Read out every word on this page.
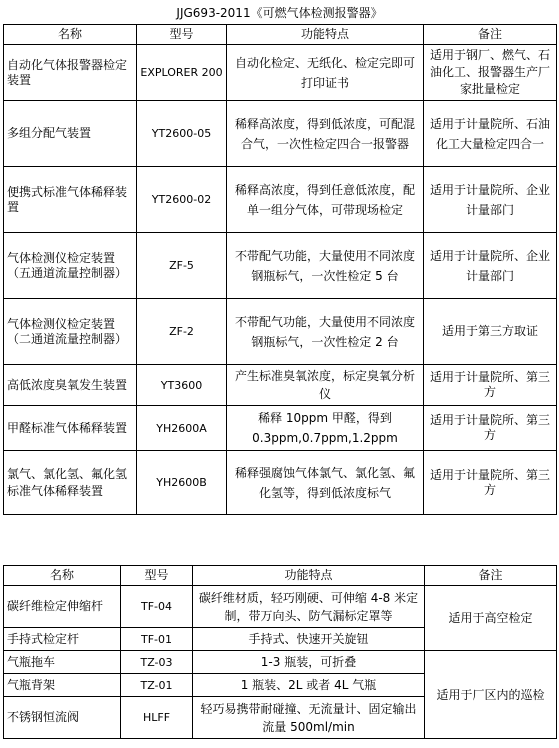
JJG693-2011《可燃气体检测报警器》
名称	型号	功能特点	备注
自动化气体报警器检定装置	EXPLORER 200	自动化检定、无纸化、检定完即可打印证书	适用于钢厂、燃气、石油化工、报警器生产厂家批量检定
多组分配气装置	YT2600-05	稀释高浓度，得到低浓度，可配混合气，一次性检定四合一报警器	适用于计量院所、石油化工大量检定四合一
便携式标准气体稀释装置	YT2600-02	稀释高浓度，得到任意低浓度，配单一组分气体，可带现场检定	适用于计量院所、企业计量部门
气体检测仪检定装置（五通道流量控制器）	ZF-5	不带配气功能，大量使用不同浓度钢瓶标气，一次性检定 5 台	适用于计量院所、企业计量部门
气体检测仪检定装置（二通道流量控制器）	ZF-2	不带配气功能，大量使用不同浓度钢瓶标气，一次性检定 2 台	适用于第三方取证
高低浓度臭氧发生装置	YT3600	产生标准臭氧浓度，标定臭氧分析仪	适用于计量院所、第三方
甲醛标准气体稀释装置	YH2600A	稀释 10ppm 甲醛，得到0.3ppm,0.7ppm,1.2ppm	适用于计量院所、第三方
氯气、氯化氢、氟化氢标准气体稀释装置	YH2600B	稀释强腐蚀气体氯气、氯化氢、氟化氢等，得到低浓度标气	适用于计量院所、第三方
名称	型号	功能特点	备注
碳纤维检定伸缩杆	TF-04	碳纤维材质，轻巧刚硬、可伸缩 4-8 米定制，带万向头、防气漏标定罩等	适用于高空检定
手持式检定杆	TF-01	手持式、快速开关旋钮	
气瓶拖车	TZ-03	1-3 瓶装，可折叠	适用于厂区内的巡检
气瓶背架	TZ-01	1 瓶装、2L 或者 4L 气瓶	
不锈钢恒流阀	HLFF	轻巧易携带耐碰撞、无流量计、固定输出流量 500ml/min	
